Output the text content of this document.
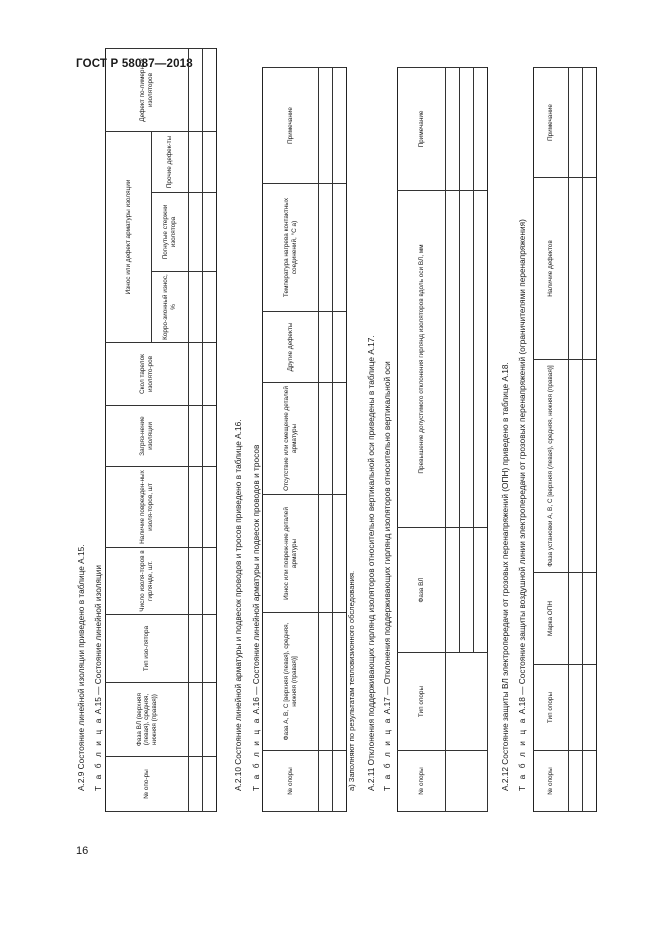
ГОСТ Р 58087—2018
16
А.2.9 Состояние линейной изоляции приведено в таблице А.15. Т а б л и ц а А.15 — Состояние линейной изоляции
№ опо-ры	Фаза ВЛ (верхняя (левая), средняя, нижняя (правая))	Тип изо-лятора	Число изоля-торов в гирлянде, шт.	Наличие поврежден-ных изоля-торов, шт	Загряз-нение изоляции	Скол тарелок изолято-ров	Износ или дефект арматуры изоляции			Дефект по-лимерных изоляторов	
							Корро-зионный износ, %	Погнутые стержни изолятора	Прочие дефек-ты		

А.2.10 Состояние линейной арматуры и подвесок проводов и тросов приведено в таблице А.16. Т а б л и ц а А.16 — Состояние линейной арматуры и подвесок проводов и тросов
№ опоры	Фаза А, В, С [верхняя (левая), средняя, нижняя (правая)]	Износ или повреж-ние деталей арматуры	Отсутствие или смещение деталей арматуры	Другие дефекты	Температура нагрева контактных соединений, °С a)	Примечание

a) Заполняют по результатам тепловизионного обследования. А.2.11 Отклонения поддерживающих гирлянд изоляторов относительно вертикальной оси приведены в таблице А.17. Т а б л и ц а А.17 — Отклонения поддерживающих гирлянд изоляторов относительно вертикальной оси
№ опоры	Тип опоры	Фаза ВЛ	Превышение допустимого отклонения гирлянд изоляторов вдоль оси ВЛ, мм	Примечание

А.2.12 Состояние защиты ВЛ электропередачи от грозовых перенапряжений (ОПН) приведено в таблице А.18. Т а б л и ц а А.18 — Состояние защиты воздушной линии электропередачи от грозовых перенапряжений (ограничителями перенапряжения)
№ опоры	Тип опоры	Марка ОПН	Фаза установки А, В, С [верхняя (левая), средняя, нижняя (правая)]	Наличие дефектов	Примечание
